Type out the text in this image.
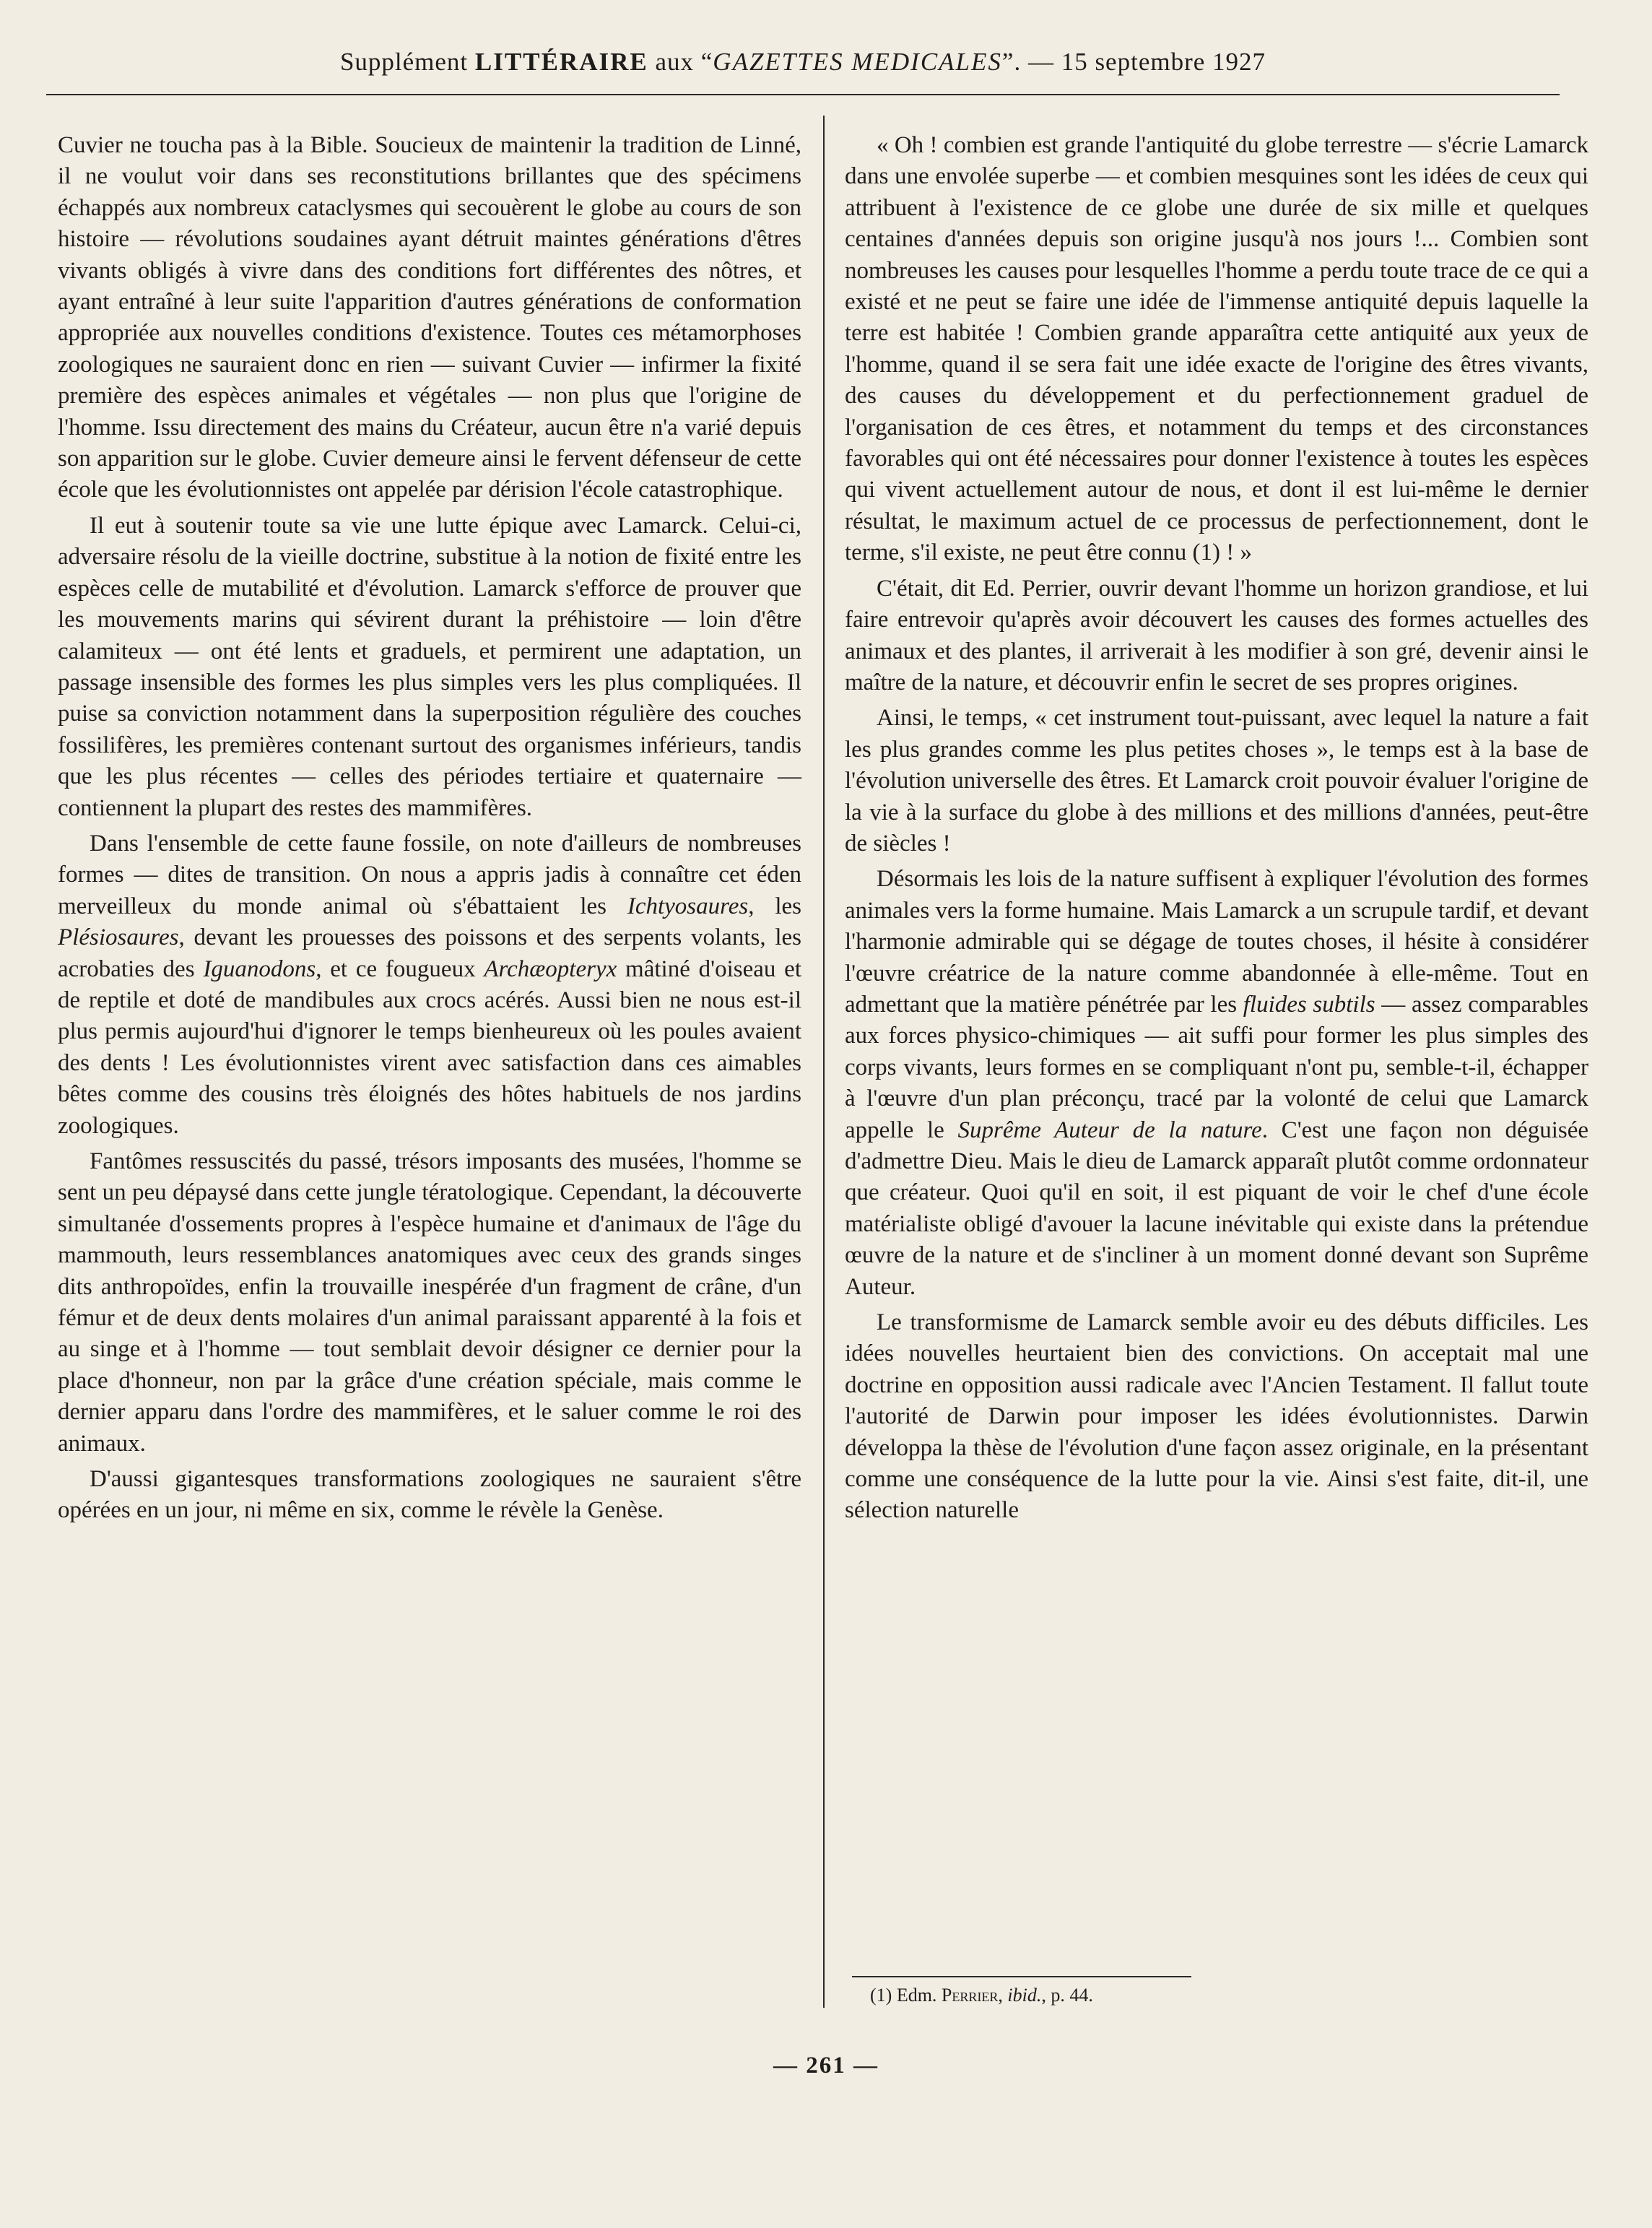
Supplément LITTÉRAIRE aux “GAZETTES MEDICALES”. — 15 septembre 1927

Cuvier ne toucha pas à la Bible. Soucieux de maintenir la tradition de Linné, il ne voulut voir dans ses reconstitutions brillantes que des spécimens échappés aux nombreux cataclysmes qui secouèrent le globe au cours de son histoire — révolutions soudaines ayant détruit maintes générations d'êtres vivants obligés à vivre dans des conditions fort différentes des nôtres, et ayant entraîné à leur suite l'apparition d'autres générations de conformation appropriée aux nouvelles conditions d'existence. Toutes ces métamorphoses zoologiques ne sauraient donc en rien — suivant Cuvier — infirmer la fixité première des espèces animales et végétales — non plus que l'origine de l'homme. Issu directement des mains du Créateur, aucun être n'a varié depuis son apparition sur le globe. Cuvier demeure ainsi le fervent défenseur de cette école que les évolutionnistes ont appelée par dérision l'école catastrophique.

Il eut à soutenir toute sa vie une lutte épique avec Lamarck. Celui-ci, adversaire résolu de la vieille doctrine, substitue à la notion de fixité entre les espèces celle de mutabilité et d'évolution. Lamarck s'efforce de prouver que les mouvements marins qui sévirent durant la préhistoire — loin d'être calamiteux — ont été lents et graduels, et permirent une adaptation, un passage insensible des formes les plus simples vers les plus compliquées. Il puise sa conviction notamment dans la superposition régulière des couches fossilifères, les premières contenant surtout des organismes inférieurs, tandis que les plus récentes — celles des périodes tertiaire et quaternaire — contiennent la plupart des restes des mammifères.

Dans l'ensemble de cette faune fossile, on note d'ailleurs de nombreuses formes — dites de transition. On nous a appris jadis à connaître cet éden merveilleux du monde animal où s'ébattaient les Ichtyosaures, les Plésiosaures, devant les prouesses des poissons et des serpents volants, les acrobaties des Iguanodons, et ce fougueux Archæopteryx mâtiné d'oiseau et de reptile et doté de mandibules aux crocs acérés. Aussi bien ne nous est-il plus permis aujourd'hui d'ignorer le temps bienheureux où les poules avaient des dents ! Les évolutionnistes virent avec satisfaction dans ces aimables bêtes comme des cousins très éloignés des hôtes habituels de nos jardins zoologiques.

Fantômes ressuscités du passé, trésors imposants des musées, l'homme se sent un peu dépaysé dans cette jungle tératologique. Cependant, la découverte simultanée d'ossements propres à l'espèce humaine et d'animaux de l'âge du mammouth, leurs ressemblances anatomiques avec ceux des grands singes dits anthropoïdes, enfin la trouvaille inespérée d'un fragment de crâne, d'un fémur et de deux dents molaires d'un animal paraissant apparenté à la fois et au singe et à l'homme — tout semblait devoir désigner ce dernier pour la place d'honneur, non par la grâce d'une création spéciale, mais comme le dernier apparu dans l'ordre des mammifères, et le saluer comme le roi des animaux.

D'aussi gigantesques transformations zoologiques ne sauraient s'être opérées en un jour, ni même en six, comme le révèle la Genèse.

« Oh ! combien est grande l'antiquité du globe terrestre — s'écrie Lamarck dans une envolée superbe — et combien mesquines sont les idées de ceux qui attribuent à l'existence de ce globe une durée de six mille et quelques centaines d'années depuis son origine jusqu'à nos jours !... Combien sont nombreuses les causes pour lesquelles l'homme a perdu toute trace de ce qui a existé et ne peut se faire une idée de l'immense antiquité depuis laquelle la terre est habitée ! Combien grande apparaîtra cette antiquité aux yeux de l'homme, quand il se sera fait une idée exacte de l'origine des êtres vivants, des causes du développement et du perfectionnement graduel de l'organisation de ces êtres, et notamment du temps et des circonstances favorables qui ont été nécessaires pour donner l'existence à toutes les espèces qui vivent actuellement autour de nous, et dont il est lui-même le dernier résultat, le maximum actuel de ce processus de perfectionnement, dont le terme, s'il existe, ne peut être connu (1) ! »

C'était, dit Ed. Perrier, ouvrir devant l'homme un horizon grandiose, et lui faire entrevoir qu'après avoir découvert les causes des formes actuelles des animaux et des plantes, il arriverait à les modifier à son gré, devenir ainsi le maître de la nature, et découvrir enfin le secret de ses propres origines.

Ainsi, le temps, « cet instrument tout-puissant, avec lequel la nature a fait les plus grandes comme les plus petites choses », le temps est à la base de l'évolution universelle des êtres. Et Lamarck croit pouvoir évaluer l'origine de la vie à la surface du globe à des millions et des millions d'années, peut-être de siècles !

Désormais les lois de la nature suffisent à expliquer l'évolution des formes animales vers la forme humaine. Mais Lamarck a un scrupule tardif, et devant l'harmonie admirable qui se dégage de toutes choses, il hésite à considérer l'œuvre créatrice de la nature comme abandonnée à elle-même. Tout en admettant que la matière pénétrée par les fluides subtils — assez comparables aux forces physico-chimiques — ait suffi pour former les plus simples des corps vivants, leurs formes en se compliquant n'ont pu, semble-t-il, échapper à l'œuvre d'un plan préconçu, tracé par la volonté de celui que Lamarck appelle le Suprême Auteur de la nature. C'est une façon non déguisée d'admettre Dieu. Mais le dieu de Lamarck apparaît plutôt comme ordonnateur que créateur. Quoi qu'il en soit, il est piquant de voir le chef d'une école matérialiste obligé d'avouer la lacune inévitable qui existe dans la prétendue œuvre de la nature et de s'incliner à un moment donné devant son Suprême Auteur.

Le transformisme de Lamarck semble avoir eu des débuts difficiles. Les idées nouvelles heurtaient bien des convictions. On acceptait mal une doctrine en opposition aussi radicale avec l'Ancien Testament. Il fallut toute l'autorité de Darwin pour imposer les idées évolutionnistes. Darwin développa la thèse de l'évolution d'une façon assez originale, en la présentant comme une conséquence de la lutte pour la vie. Ainsi s'est faite, dit-il, une sélection naturelle

(1) Edm. Perrier, ibid., p. 44.
— 261 —
